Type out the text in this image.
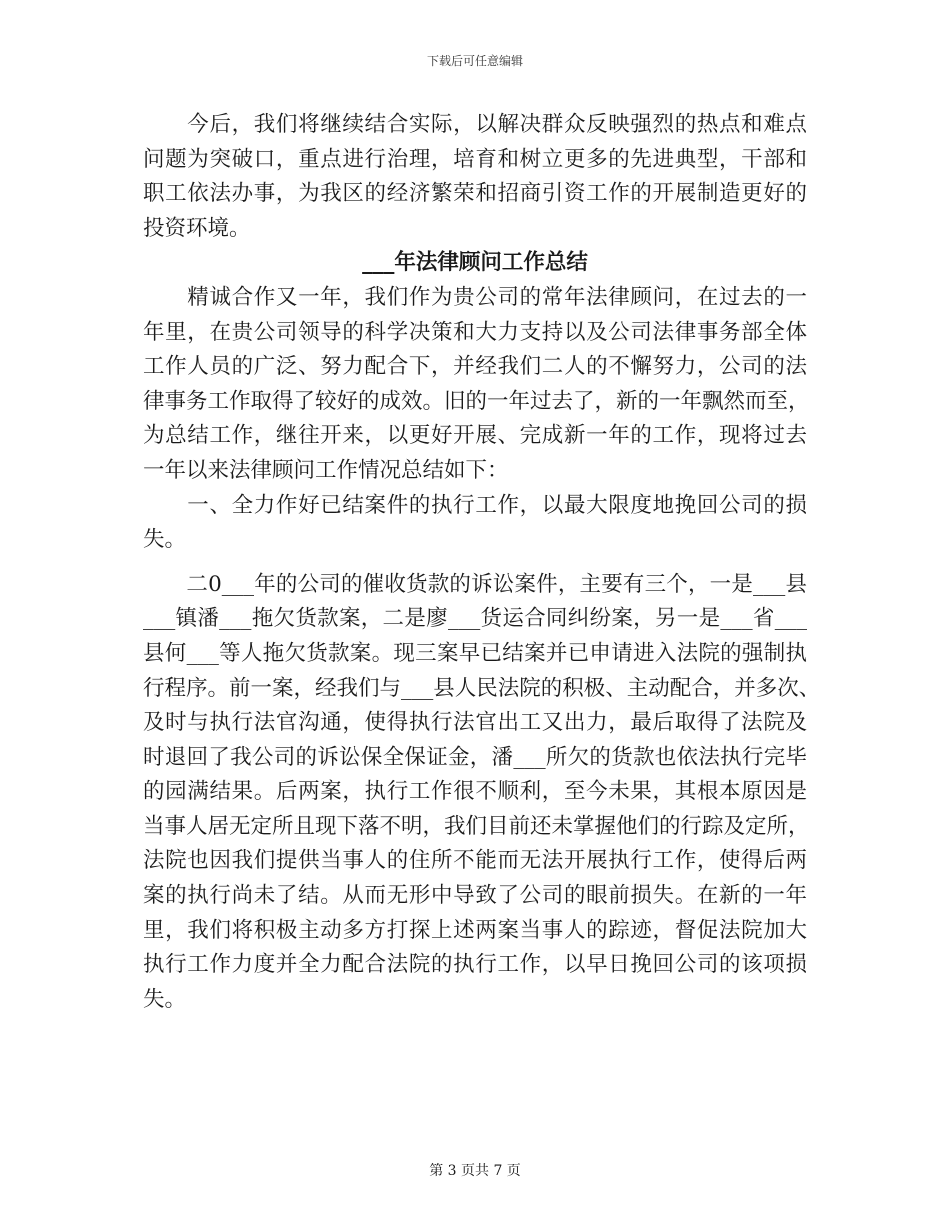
下载后可任意编辑
　　今后，我们将继续结合实际，以解决群众反映强烈的热点和难点
问题为突破口，重点进行治理，培育和树立更多的先进典型，干部和
职工依法办事，为我区的经济繁荣和招商引资工作的开展制造更好的
投资环境。
___年法律顾问工作总结
　　精诚合作又一年，我们作为贵公司的常年法律顾问，在过去的一
年里，在贵公司领导的科学决策和大力支持以及公司法律事务部全体
工作人员的广泛、努力配合下，并经我们二人的不懈努力，公司的法
律事务工作取得了较好的成效。旧的一年过去了，新的一年飘然而至，
为总结工作，继往开来，以更好开展、完成新一年的工作，现将过去
一年以来法律顾问工作情况总结如下：
　　一、全力作好已结案件的执行工作，以最大限度地挽回公司的损
失。
　　二0___年的公司的催收货款的诉讼案件，主要有三个，一是___县
___镇潘___拖欠货款案，二是廖___货运合同纠纷案，另一是___省___
县何___等人拖欠货款案。现三案早已结案并已申请进入法院的强制执
行程序。前一案，经我们与___县人民法院的积极、主动配合，并多次、
及时与执行法官沟通，使得执行法官出工又出力，最后取得了法院及
时退回了我公司的诉讼保全保证金，潘___所欠的货款也依法执行完毕
的园满结果。后两案，执行工作很不顺利，至今未果，其根本原因是
当事人居无定所且现下落不明，我们目前还未掌握他们的行踪及定所，
法院也因我们提供当事人的住所不能而无法开展执行工作，使得后两
案的执行尚未了结。从而无形中导致了公司的眼前损失。在新的一年
里，我们将积极主动多方打探上述两案当事人的踪迹，督促法院加大
执行工作力度并全力配合法院的执行工作，以早日挽回公司的该项损
失。
第 3 页共 7 页
